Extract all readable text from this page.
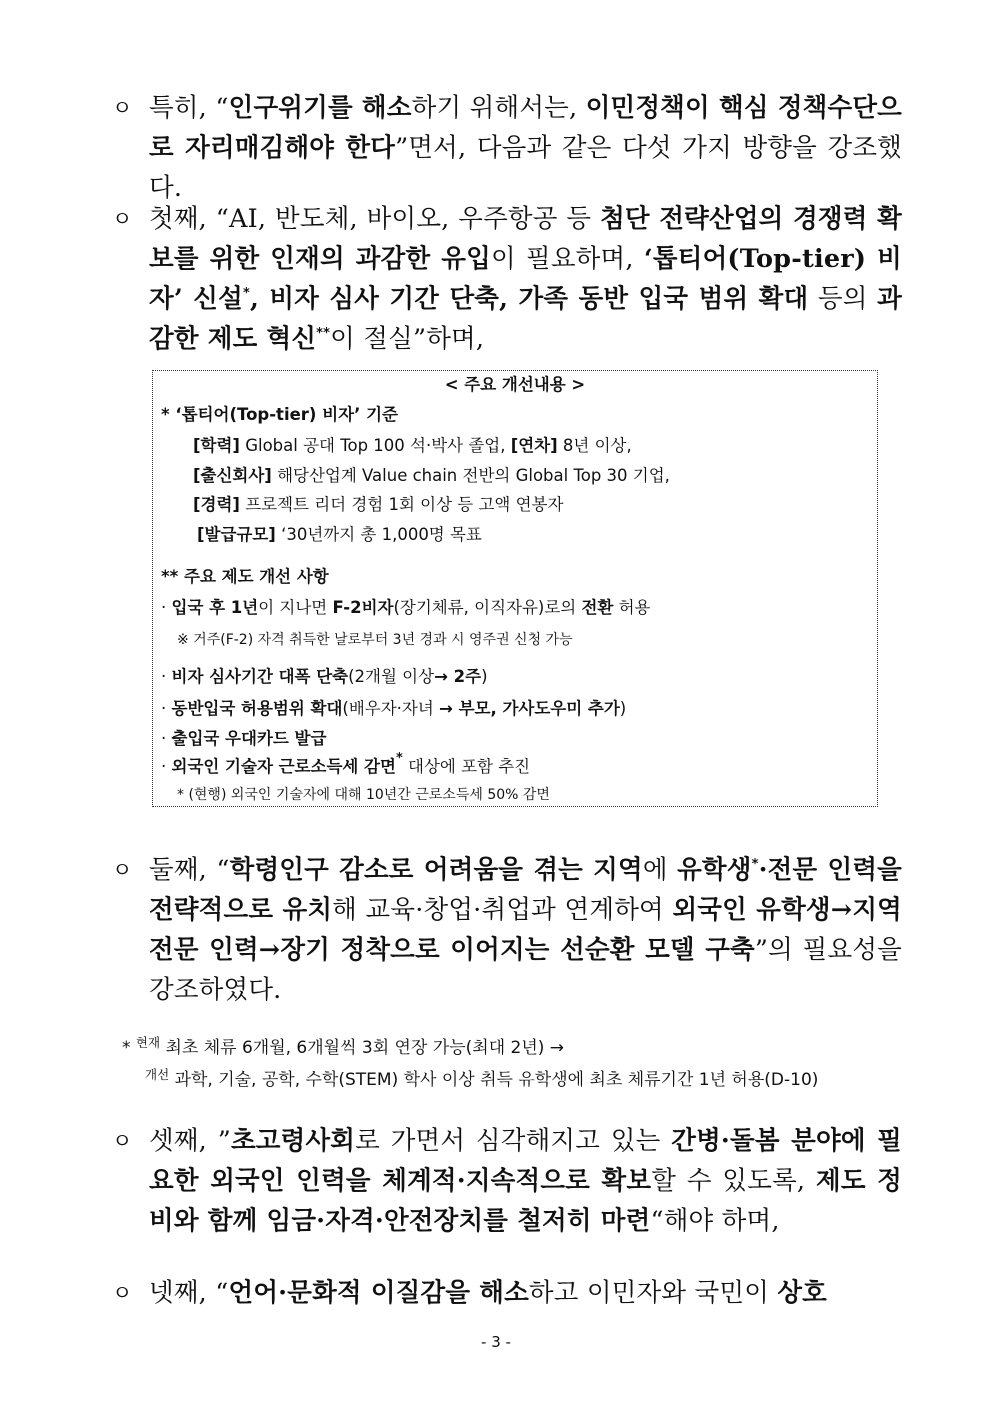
ㅇ 특히, “인구위기를 해소하기 위해서는, 이민정책이 핵심 정책수단으로 자리매김해야 한다”면서, 다음과 같은 다섯 가지 방향을 강조했다.
ㅇ 첫째, “AI, 반도체, 바이오, 우주항공 등 첨단 전략산업의 경쟁력 확보를 위한 인재의 과감한 유입이 필요하며, ‘톱티어(Top-tier) 비자’ 신설*, 비자 심사 기간 단축, 가족 동반 입국 범위 확대 등의 과감한 제도 혁신**이 절실”하며,
< 주요 개선내용 >
* ‘톱티어(Top-tier) 비자’ 기준
[학력] Global 공대 Top 100 석·박사 졸업, [연차] 8년 이상,
[출신회사] 해당산업계 Value chain 전반의 Global Top 30 기업,
[경력] 프로젝트 리더 경험 1회 이상 등 고액 연봉자
[발급규모] ‘30년까지 총 1,000명 목표
** 주요 제도 개선 사항
· 입국 후 1년이 지나면 F-2비자(장기체류, 이직자유)로의 전환 허용
※ 거주(F-2) 자격 취득한 날로부터 3년 경과 시 영주권 신청 가능
· 비자 심사기간 대폭 단축(2개월 이상→ 2주)
· 동반입국 허용범위 확대(배우자·자녀 → 부모, 가사도우미 추가)
· 출입국 우대카드 발급
· 외국인 기술자 근로소득세 감면* 대상에 포함 추진
* (현행) 외국인 기술자에 대해 10년간 근로소득세 50% 감면
ㅇ 둘째, “학령인구 감소로 어려움을 겪는 지역에 유학생*·전문 인력을 전략적으로 유치해 교육·창업·취업과 연계하여 외국인 유학생→지역 전문 인력→장기 정착으로 이어지는 선순환 모델 구축”의 필요성을 강조하였다.
* $^{현재}$ 최초 체류 6개월, 6개월씩 3회 연장 가능(최대 2년) →
$^{개선}$ 과학, 기술, 공학, 수학(STEM) 학사 이상 취득 유학생에 최초 체류기간 1년 허용(D-10)
ㅇ 셋째, ”초고령사회로 가면서 심각해지고 있는 간병·돌봄 분야에 필요한 외국인 인력을 체계적·지속적으로 확보할 수 있도록, 제도 정비와 함께 임금·자격·안전장치를 철저히 마련“해야 하며,
ㅇ 넷째, “언어·문화적 이질감을 해소하고 이민자와 국민이 상호
- 3 -
